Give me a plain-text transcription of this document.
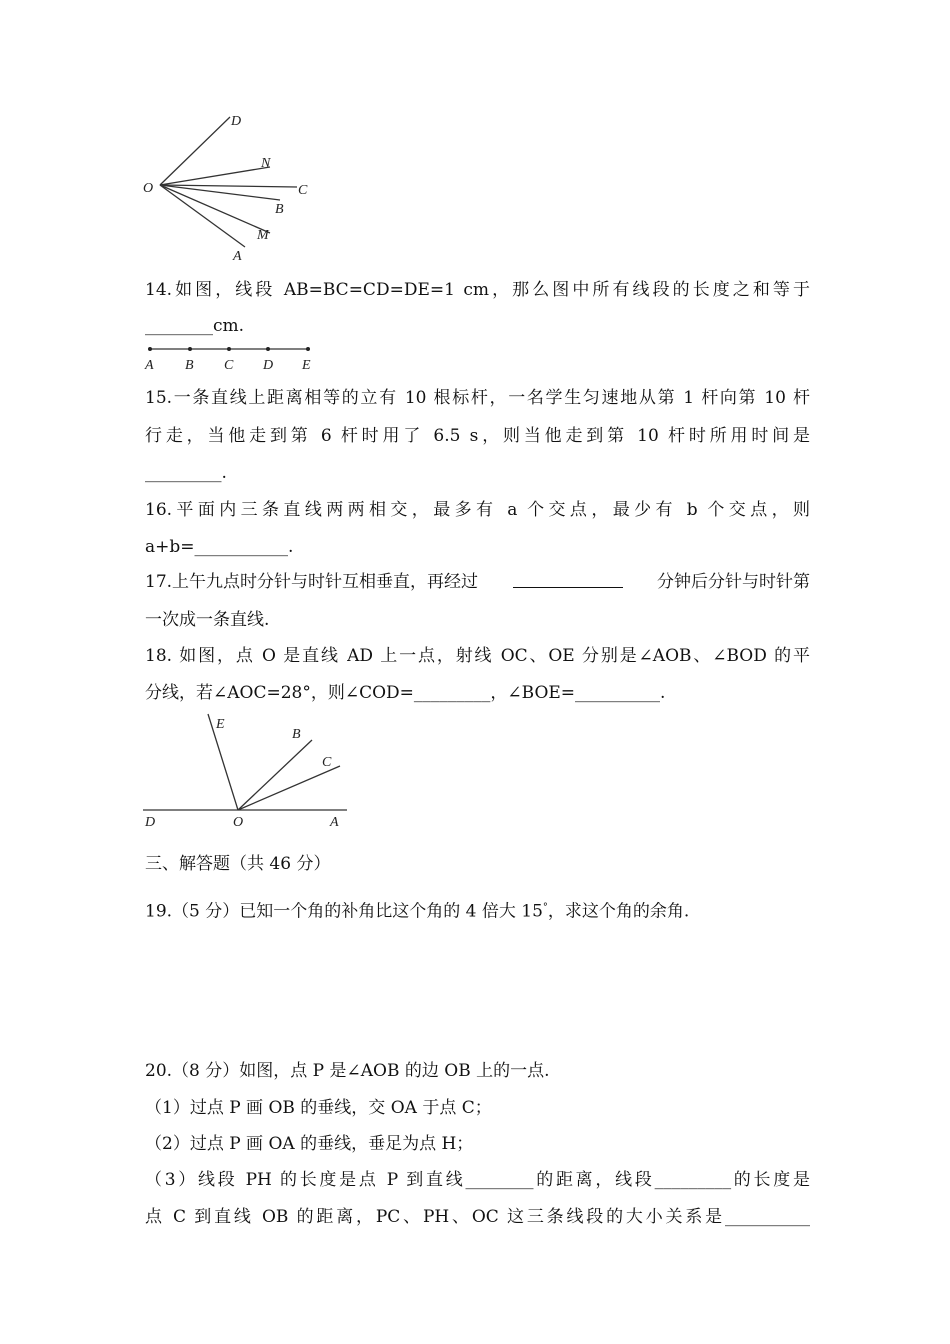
D
N
O	C
B
M
A
14.如图，线段 AB=BC=CD=DE=1 cm，那么图中所有线段的长度之和等于
________cm.
A B C D E
15.一条直线上距离相等的立有 10 根标杆，一名学生匀速地从第 1 杆向第 10 杆
行走，当他走到第 6 杆时用了 6.5 s，则当他走到第 10 杆时所用时间是
_________.
16.平面内三条直线两两相交，最多有 a 个交点，最少有 b 个交点，则
a+b=___________.
17.上午九点时分针与时针互相垂直，再经过	分钟后分针与时针第
一次成一条直线.
18. 如图，点 O 是直线 AD 上一点，射线 OC、OE 分别是∠AOB、∠BOD 的平
分线，若∠AOC=28°，则∠COD=_________，∠BOE=__________.
E
B
C
D	O	A
三、解答题（共 46 分）
19.（5 分）已知一个角的补角比这个角的 4 倍大 15°，求这个角的余角.
20.（8 分）如图，点 P 是∠AOB 的边 OB 上的一点.
（1）过点 P 画 OB 的垂线，交 OA 于点 C；
（2）过点 P 画 OA 的垂线，垂足为点 H；
（3）线段 PH 的长度是点 P 到直线________的距离，线段_________的长度是
点 C 到直线 OB 的距离，PC、PH、OC 这三条线段的大小关系是__________
